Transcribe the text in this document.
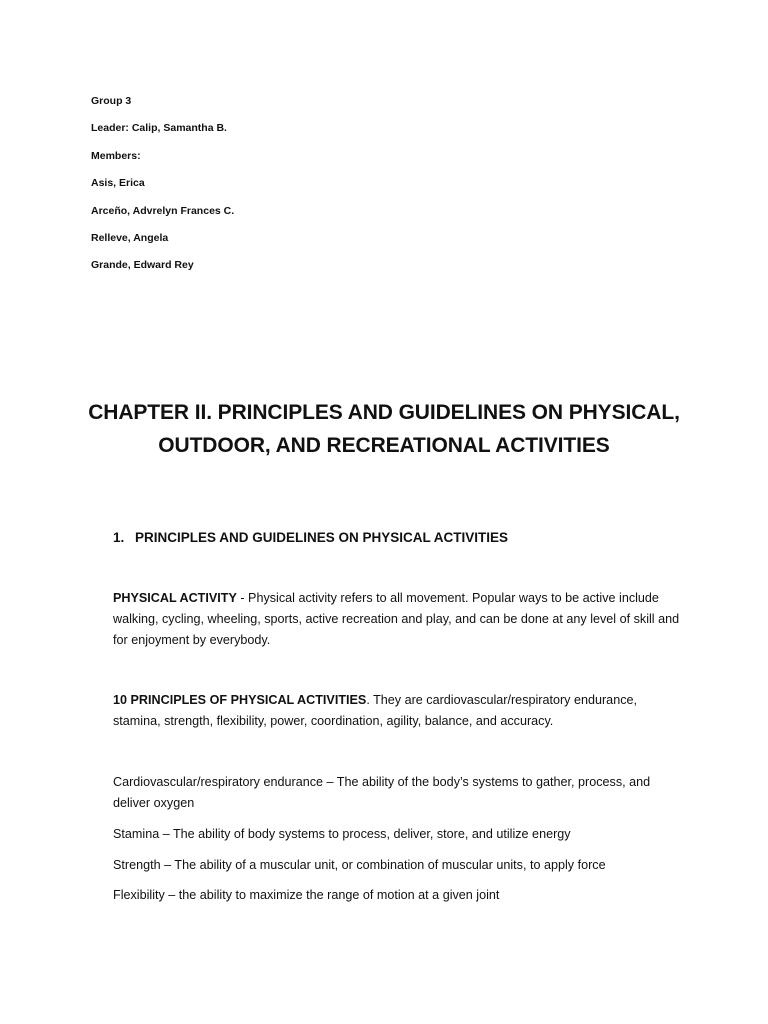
Group 3

Leader: Calip, Samantha B.

Members:

Asis, Erica

Arceño, Advrelyn Frances C.

Relleve, Angela

Grande, Edward Rey

CHAPTER II. PRINCIPLES AND GUIDELINES ON PHYSICAL,
OUTDOOR, AND RECREATIONAL ACTIVITIES
1. PRINCIPLES AND GUIDELINES ON PHYSICAL ACTIVITIES

PHYSICAL ACTIVITY - Physical activity refers to all movement. Popular ways to be active include walking, cycling, wheeling, sports, active recreation and play, and can be done at any level of skill and for enjoyment by everybody.

10 PRINCIPLES OF PHYSICAL ACTIVITIES. They are cardiovascular/respiratory endurance, stamina, strength, flexibility, power, coordination, agility, balance, and accuracy.

Cardiovascular/respiratory endurance – The ability of the body’s systems to gather, process, and deliver oxygen

Stamina – The ability of body systems to process, deliver, store, and utilize energy

Strength – The ability of a muscular unit, or combination of muscular units, to apply force

Flexibility – the ability to maximize the range of motion at a given joint
